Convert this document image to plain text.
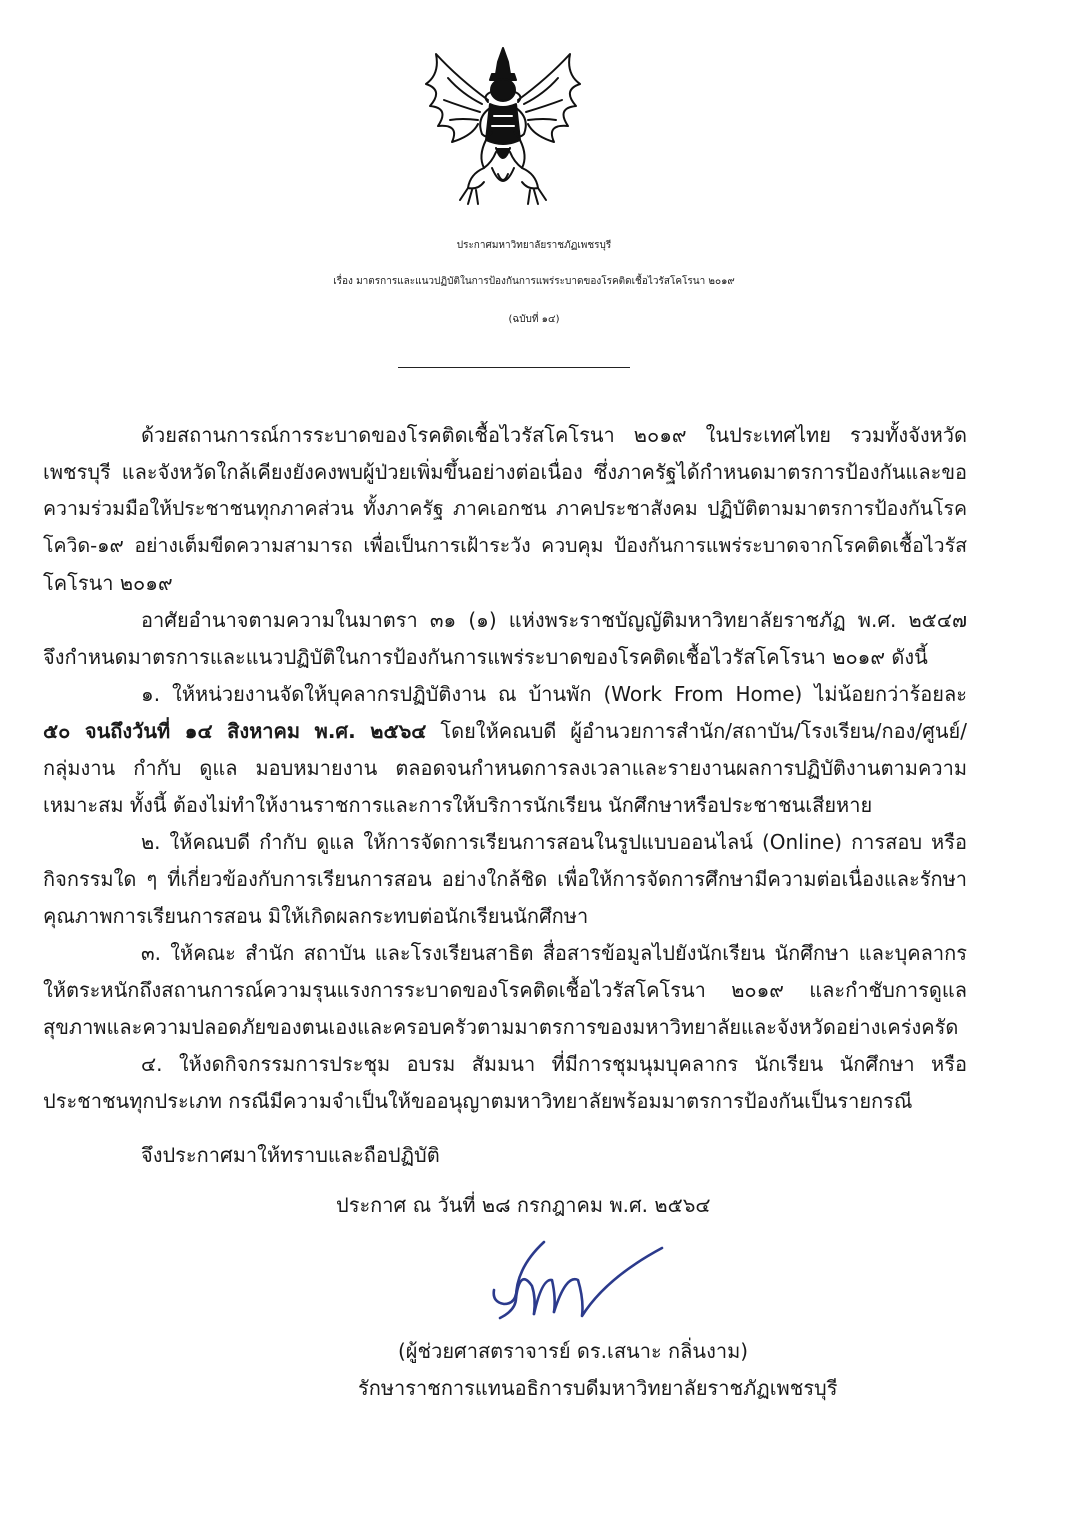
ประกาศมหาวิทยาลัยราชภัฏเพชรบุรี
เรื่อง มาตรการและแนวปฏิบัติในการป้องกันการแพร่ระบาดของโรคติดเชื้อไวรัสโคโรนา ๒๐๑๙
(ฉบับที่ ๑๔)
ด้วยสถานการณ์การระบาดของโรคติดเชื้อไวรัสโคโรนา ๒๐๑๙ ในประเทศไทย รวมทั้งจังหวัด
เพชรบุรี และจังหวัดใกล้เคียงยังคงพบผู้ป่วยเพิ่มขึ้นอย่างต่อเนื่อง ซึ่งภาครัฐได้กำหนดมาตรการป้องกันและขอ
ความร่วมมือให้ประชาชนทุกภาคส่วน ทั้งภาครัฐ ภาคเอกชน ภาคประชาสังคม ปฏิบัติตามมาตรการป้องกันโรค
โควิด-๑๙ อย่างเต็มขีดความสามารถ เพื่อเป็นการเฝ้าระวัง ควบคุม ป้องกันการแพร่ระบาดจากโรคติดเชื้อไวรัส
โคโรนา ๒๐๑๙
อาศัยอำนาจตามความในมาตรา ๓๑ (๑) แห่งพระราชบัญญัติมหาวิทยาลัยราชภัฏ พ.ศ. ๒๕๔๗
จึงกำหนดมาตรการและแนวปฏิบัติในการป้องกันการแพร่ระบาดของโรคติดเชื้อไวรัสโคโรนา ๒๐๑๙ ดังนี้
๑. ให้หน่วยงานจัดให้บุคลากรปฏิบัติงาน ณ บ้านพัก (Work From Home) ไม่น้อยกว่าร้อยละ
๕๐ จนถึงวันที่ ๑๔ สิงหาคม พ.ศ. ๒๕๖๔ โดยให้คณบดี ผู้อำนวยการสำนัก/สถาบัน/โรงเรียน/กอง/ศูนย์/
กลุ่มงาน กำกับ ดูแล มอบหมายงาน ตลอดจนกำหนดการลงเวลาและรายงานผลการปฏิบัติงานตามความ
เหมาะสม ทั้งนี้ ต้องไม่ทำให้งานราชการและการให้บริการนักเรียน นักศึกษาหรือประชาชนเสียหาย
๒. ให้คณบดี กำกับ ดูแล ให้การจัดการเรียนการสอนในรูปแบบออนไลน์ (Online) การสอบ หรือ
กิจกรรมใด ๆ ที่เกี่ยวข้องกับการเรียนการสอน อย่างใกล้ชิด เพื่อให้การจัดการศึกษามีความต่อเนื่องและรักษา
คุณภาพการเรียนการสอน มิให้เกิดผลกระทบต่อนักเรียนนักศึกษา
๓. ให้คณะ สำนัก สถาบัน และโรงเรียนสาธิต สื่อสารข้อมูลไปยังนักเรียน นักศึกษา และบุคลากร
ให้ตระหนักถึงสถานการณ์ความรุนแรงการระบาดของโรคติดเชื้อไวรัสโคโรนา ๒๐๑๙ และกำชับการดูแล
สุขภาพและความปลอดภัยของตนเองและครอบครัวตามมาตรการของมหาวิทยาลัยและจังหวัดอย่างเคร่งครัด
๔. ให้งดกิจกรรมการประชุม อบรม สัมมนา ที่มีการชุมนุมบุคลากร นักเรียน นักศึกษา หรือ
ประชาชนทุกประเภท กรณีมีความจำเป็นให้ขออนุญาตมหาวิทยาลัยพร้อมมาตรการป้องกันเป็นรายกรณี
จึงประกาศมาให้ทราบและถือปฏิบัติ
ประกาศ ณ วันที่ ๒๘ กรกฎาคม พ.ศ. ๒๕๖๔
(ผู้ช่วยศาสตราจารย์ ดร.เสนาะ กลิ่นงาม)
รักษาราชการแทนอธิการบดีมหาวิทยาลัยราชภัฏเพชรบุรี
